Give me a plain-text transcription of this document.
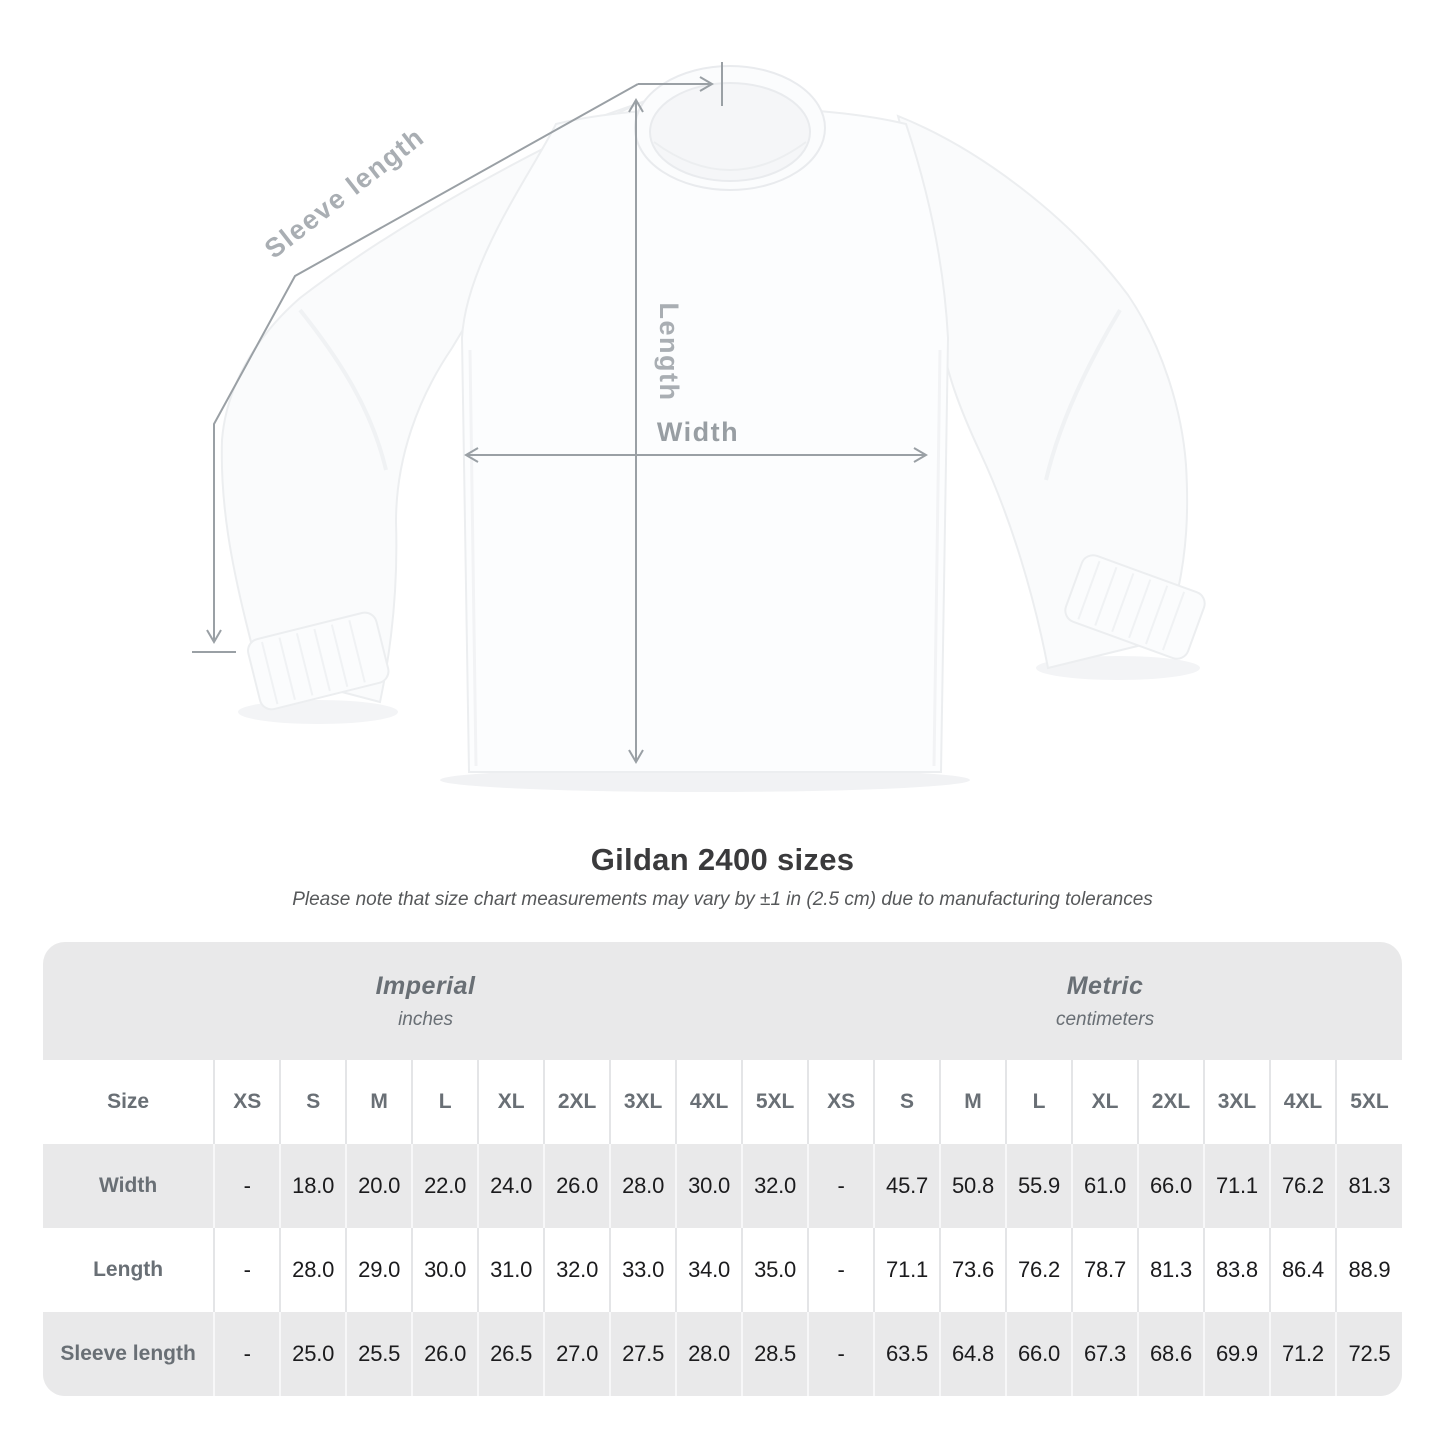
Sleeve length
Length
Width
Gildan 2400 sizes
Please note that size chart measurements may vary by ±1 in (2.5 cm) due to manufacturing tolerances
Imperial
inches

Metric
centimeters

Size	XS	S	M	L	XL	2XL	3XL	4XL	5XL	XS	S	M	L	XL	2XL	3XL	4XL	5XL
Width	-	18.0	20.0	22.0	24.0	26.0	28.0	30.0	32.0	-	45.7	50.8	55.9	61.0	66.0	71.1	76.2	81.3
Length	-	28.0	29.0	30.0	31.0	32.0	33.0	34.0	35.0	-	71.1	73.6	76.2	78.7	81.3	83.8	86.4	88.9
Sleeve length	-	25.0	25.5	26.0	26.5	27.0	27.5	28.0	28.5	-	63.5	64.8	66.0	67.3	68.6	69.9	71.2	72.5
